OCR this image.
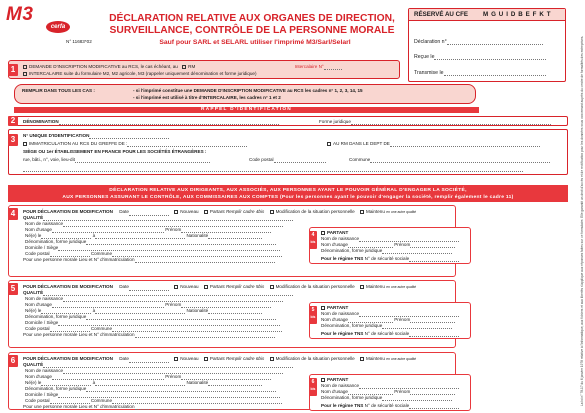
M3
cerfa
N° 11683*02
DÉCLARATION RELATIVE AUX ORGANES DE DIRECTION,
SURVEILLANCE, CONTRÔLE DE LA PERSONNE MORALE
Sauf pour SARL et SELARL utiliser l'imprimé M3/Sarl/Selarl
RÉSERVÉ AU CFE M G U I D B E F K T
Déclaration n°
Reçue le
Transmise le
1	DEMANDE D'INSCRIPTION MODIFICATIVE au RCS, le cas échéant, au RM	Intercalaire N°
INTERCALAIRE suite du formulaire M2, M2 agricole, M3 (rappeler uniquement dénomination et forme juridique)
REMPLIR DANS TOUS LES CAS :	- si l'imprimé constitue une DEMANDE D'INSCRIPTION MODIFICATIVE au RCS les cadres n° 1, 2, 3, 14, 15
- si l'imprimé est utilisé à titre d'INTERCALAIRE, les cadres n° 1 et 2
RAPPEL D'IDENTIFICATION
2	DÉNOMINATION	Forme juridique
3	N° UNIQUE D'IDENTIFICATION
IMMATRICULATION AU RCS DU GREFFE DE :	AU RM DANS LE DEPT DE
SIÈGE OU 1er ÉTABLISSEMENT EN FRANCE POUR LES SOCIÉTÉS ÉTRANGÈRES :
rue, bâti., n°, voie, lieu-dit	Code postal	Commune
DÉCLARATION RELATIVE AUX DIRIGEANTS, AUX ASSOCIÉS, AUX PERSONNES AYANT LE POUVOIR GÉNÉRAL D'ENGAGER LA SOCIÉTÉ,
AUX PERSONNES ASSURANT LE CONTRÔLE, AUX COMMISSAIRES AUX COMPTES (Pour les personnes ayant le pouvoir d'engager la société, remplir également le cadre 11)
4	POUR DÉCLARATION DE MODIFICATION Date	Nouveau Partant Remplir cadre 4bis Modification de la situation personnelle Maintenu en une autre qualité
QUALITÉ
Nom de naissance
Nom d'usage	Prénom
Né(e) le	à	Nationalité
Dénomination, forme juridique
Domicile / Siège
Code postal	Commune
Pour une personne morale Lieu et N° d'immatriculation
4
bis
PARTANT
Nom de naissance
Nom d'usage	Prénom
Dénomination, forme juridique
Pour le régime TNS N° de sécurité sociale
5	POUR DÉCLARATION DE MODIFICATION Date	Nouveau Partant Remplir cadre 5bis Modification de la situation personnelle Maintenu en une autre qualité
QUALITÉ
Nom de naissance
Nom d'usage	Prénom
Né(e) le	à	Nationalité
Dénomination, forme juridique
Domicile / Siège
Code postal	Commune
Pour une personne morale Lieu et N° d'immatriculation
5
bis
PARTANT
Nom de naissance
Nom d'usage	Prénom
Dénomination, forme juridique
Pour le régime TNS N° de sécurité sociale
6	POUR DÉCLARATION DE MODIFICATION Date	Nouveau Partant Remplir cadre 6bis Modification de la situation personnelle Maintenu en une autre qualité
QUALITÉ
Nom de naissance
Nom d'usage	Prénom
Né(e) le	à	Nationalité
Dénomination, forme juridique
Domicile / Siège
Code postal	Commune
Pour une personne morale Lieu et N° d'immatriculation
6
bis
PARTANT
Nom de naissance
Nom d'usage	Prénom
Dénomination, forme juridique
Pour le régime TNS N° de sécurité sociale	La loi n° 78-17 du 6 janvier 1978 relative à l'informatique, aux fichiers et aux libertés s'applique aux réponses faites sur ce formulaire. Elle garantit un droit d'accès et de rectification pour les données vous concernant auprès du centre de formalités des entreprises.
